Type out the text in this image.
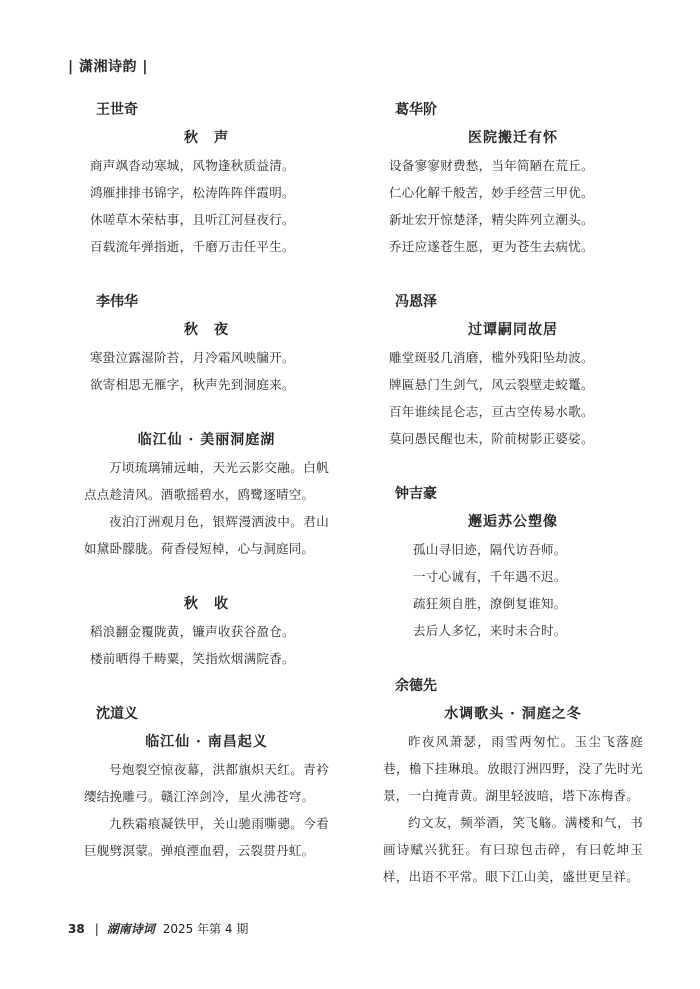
| 潇湘诗韵 |
王世奇
秋　声
商声飒沓动寒城，风物逢秋质益清。
鸿雁排排书锦字，松涛阵阵伴霞明。
休嗟草木荣枯事，且听江河昼夜行。
百载流年弹指逝，千磨万击任平生。
李伟华
秋　夜
寒蛩泣露湿阶苔，月冷霜风映牖开。
欲寄相思无雁字，秋声先到洞庭来。
临江仙 · 美丽洞庭湖
万顷琉璃铺远岫，天光云影交融。白帆点点趁清风。酒歌摇碧水，鸥鹭逐晴空。
夜泊汀洲观月色，银辉漫洒波中。君山如黛卧朦胧。荷香侵短棹，心与洞庭同。
秋　收
稻浪翻金覆陇黄，镰声收获谷盈仓。
楼前晒得千畴粟，笑指炊烟满院香。
沈道义
临江仙 · 南昌起义
号炮裂空惊夜幕，洪都旗炽天红。青衿缨结挽雕弓。赣江淬剑冷，星火沸苍穹。
九秩霜痕凝铁甲，关山驰雨嘶骢。今看巨舰劈溟蒙。弹痕湮血碧，云裂贯丹虹。
葛华阶
医院搬迁有怀
设备寥寥财费愁，当年简陋在荒丘。
仁心化解千般苦，妙手经营三甲优。
新址宏开惊楚泽，精尖阵列立潮头。
乔迁应遂苍生愿，更为苍生去病忧。
冯恩泽
过谭嗣同故居
雕堂斑驳几消磨，槛外残阳坠劫波。
牌匾悬门生剑气，风云裂壁走蛟鼍。
百年谁续昆仑志，亘古空传易水歌。
莫问愚民醒也未，阶前树影正婆娑。
钟吉豪
邂逅苏公塑像
孤山寻旧迹，隔代访吾师。
一寸心诚有，千年遇不迟。
疏狂须自胜，潦倒复谁知。
去后人多忆，来时未合时。
余德先
水调歌头 · 洞庭之冬
昨夜风萧瑟，雨雪两匆忙。玉尘飞落庭巷，檐下挂琳琅。放眼汀洲四野，没了先时光景，一白掩青黄。湖里轻波暗，塔下冻梅香。
约文友，频举酒，笑飞觞。满楼和气，书画诗赋兴犹狂。有曰琼包击碎，有曰乾坤玉样，出语不平常。眼下江山美，盛世更呈祥。
38 | 湖南诗词 2025 年第 4 期
